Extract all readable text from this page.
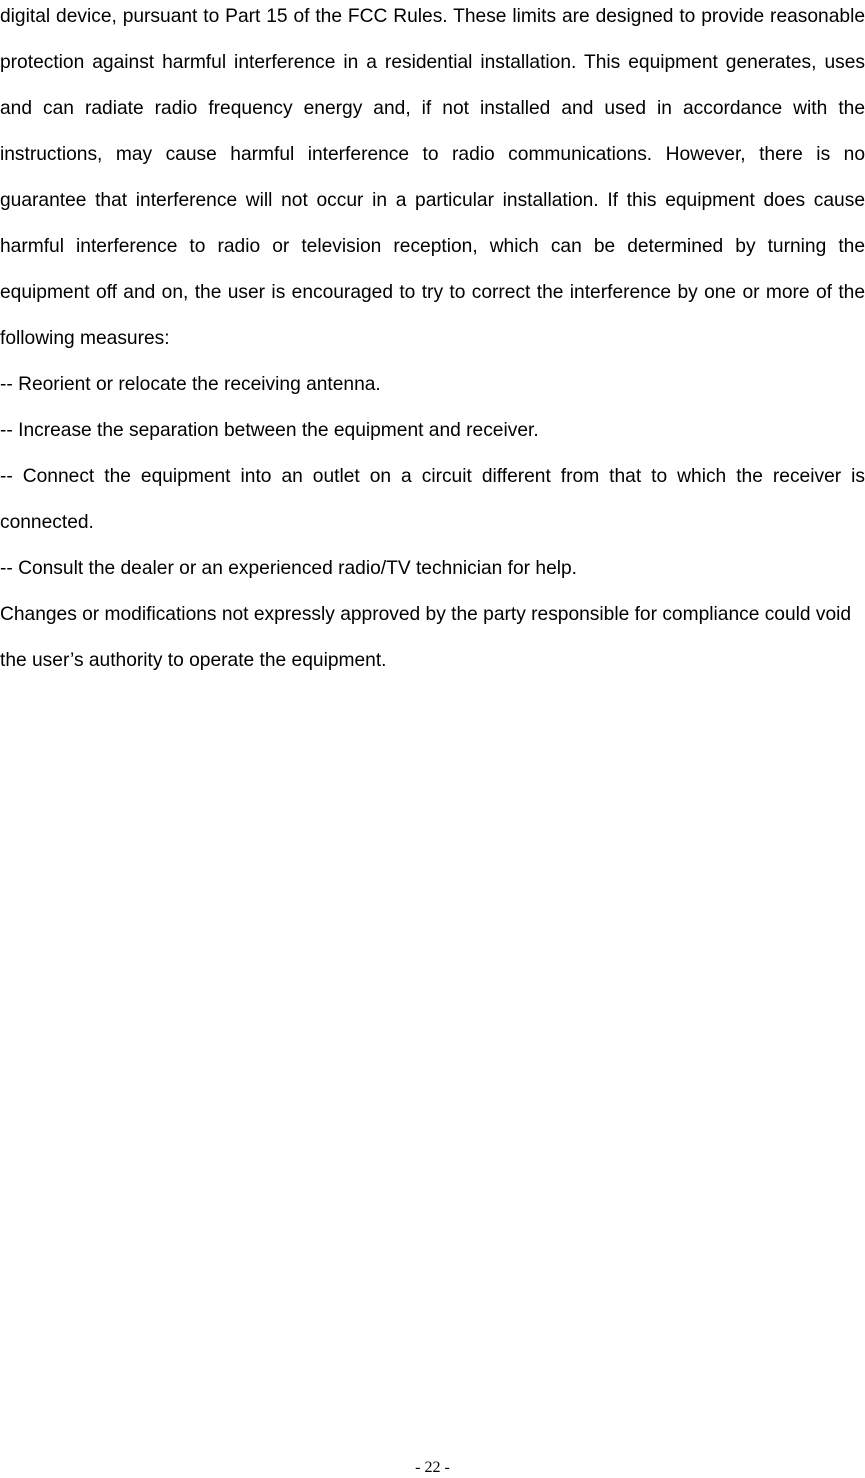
digital device, pursuant to Part 15 of the FCC Rules. These limits are designed to provide reasonable protection against harmful interference in a residential installation. This equipment generates, uses and can radiate radio frequency energy and, if not installed and used in accordance with the instructions, may cause harmful interference to radio communications. However, there is no guarantee that interference will not occur in a particular installation. If this equipment does cause harmful interference to radio or television reception, which can be determined by turning the equipment off and on, the user is encouraged to try to correct the interference by one or more of the following measures:

-- Reorient or relocate the receiving antenna.
-- Increase the separation between the equipment and receiver.
-- Connect the equipment into an outlet on a circuit different from that to which the receiver is connected.
-- Consult the dealer or an experienced radio/TV technician for help.

Changes or modifications not expressly approved by the party responsible for compliance could void the user’s authority to operate the equipment.

- 22 -
